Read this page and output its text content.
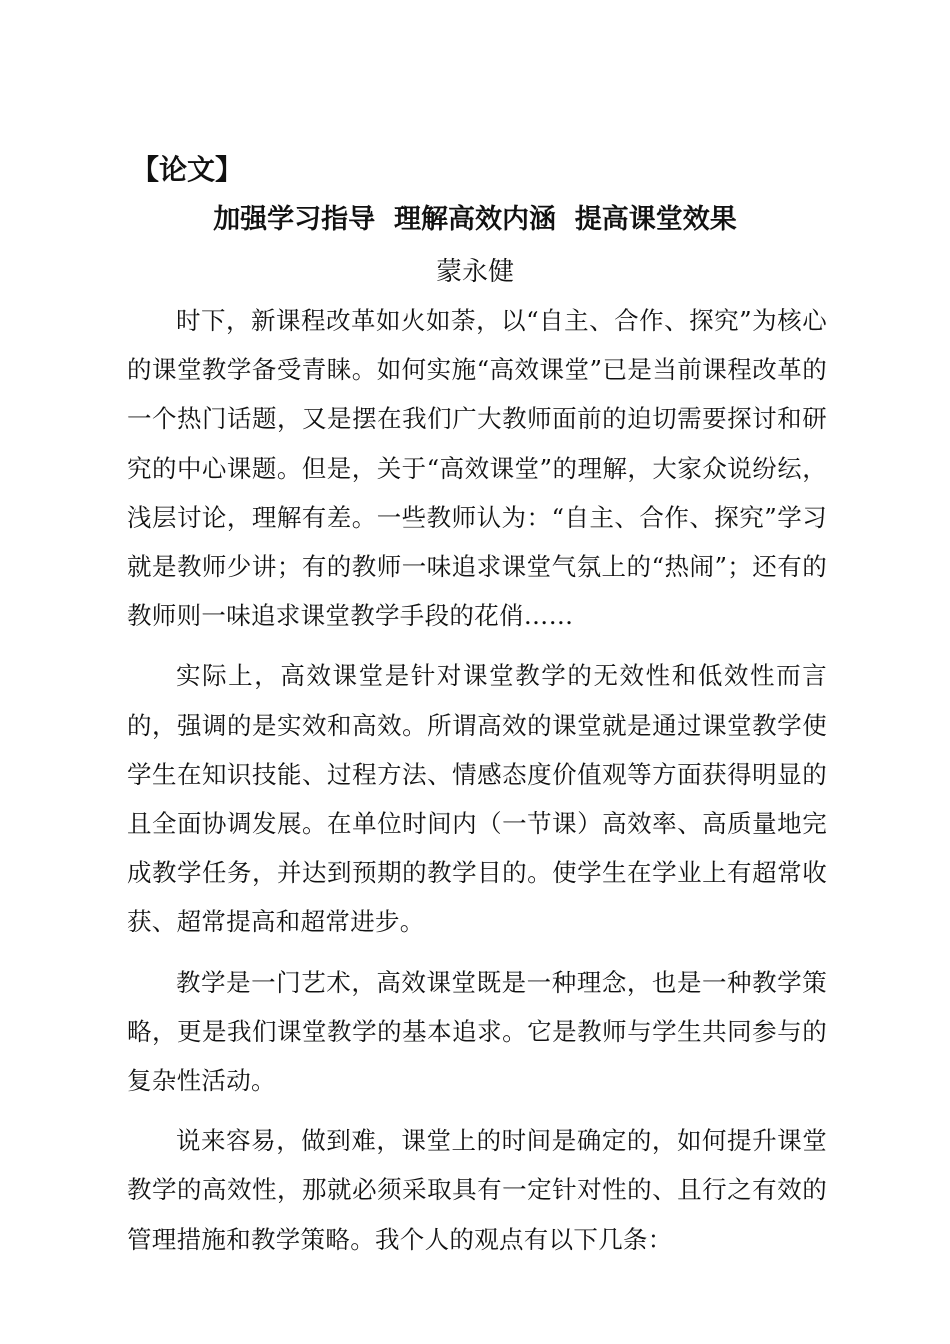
【论文】
加强学习指导  理解高效内涵  提高课堂效果
蒙永健

时下，新课程改革如火如荼，以“自主、合作、探究”为核心的课堂教学备受青睐。如何实施“高效课堂”已是当前课程改革的一个热门话题，又是摆在我们广大教师面前的迫切需要探讨和研究的中心课题。但是，关于“高效课堂”的理解，大家众说纷纭，浅层讨论，理解有差。一些教师认为：“自主、合作、探究”学习就是教师少讲；有的教师一味追求课堂气氛上的“热闹”；还有的教师则一味追求课堂教学手段的花俏……

实际上，高效课堂是针对课堂教学的无效性和低效性而言的，强调的是实效和高效。所谓高效的课堂就是通过课堂教学使学生在知识技能、过程方法、情感态度价值观等方面获得明显的且全面协调发展。在单位时间内（一节课）高效率、高质量地完成教学任务，并达到预期的教学目的。使学生在学业上有超常收获、超常提高和超常进步。

教学是一门艺术，高效课堂既是一种理念，也是一种教学策略，更是我们课堂教学的基本追求。它是教师与学生共同参与的复杂性活动。

说来容易，做到难，课堂上的时间是确定的，如何提升课堂教学的高效性，那就必须采取具有一定针对性的、且行之有效的管理措施和教学策略。我个人的观点有以下几条：
